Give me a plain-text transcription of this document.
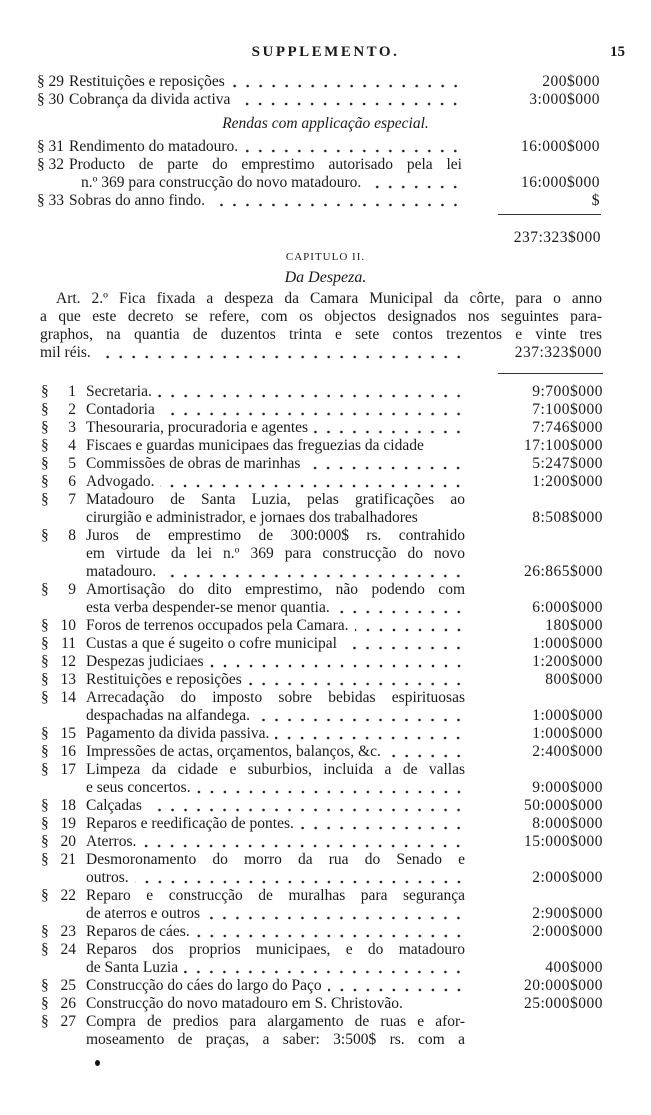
SUPPLEMENTO.	15
§ 29 Restituições e reposições	200$000
§ 30 Cobrança da divida activa	3:000$000
Rendas com applicação especial.
§ 31 Rendimento do matadouro.	16:000$000
§ 32 Producto de parte do emprestimo autorisado pela lei
n.º 369 para construcção do novo matadouro.	16:000$000
§ 33 Sobras do anno findo.	$
237:323$000
CAPITULO II.
Da Despeza.
Art. 2.º Fica fixada a despeza da Camara Municipal da côrte, para o anno
a que este decreto se refere, com os objectos designados nos seguintes para-
graphos, na quantia de duzentos trinta e sete contos trezentos e vinte tres
mil réis.	237:323$000
§	1 Secretaria.	9:700$000
§	2 Contadoria	7:100$000
§	3 Thesouraria, procuradoria e agentes	7:746$000
§	4 Fiscaes e guardas municipaes das freguezias da cidade	17:100$000
§	5 Commissões de obras de marinhas	5:247$000
§	6 Advogado.	1:200$000
§	7 Matadouro de Santa Luzia, pelas gratificações ao
cirurgião e administrador, e jornaes dos trabalhadores	8:508$000
§	8 Juros de emprestimo de 300:000$ rs. contrahido
em virtude da lei n.º 369 para construcção do novo
matadouro.	26:865$000
§	9 Amortisação do dito emprestimo, não podendo com
esta verba despender-se menor quantia.	6:000$000
§ 10 Foros de terrenos occupados pela Camara.	180$000
§ 11 Custas a que é sugeito o cofre municipal	1:000$000
§ 12 Despezas judiciaes	1:200$000
§ 13 Restituições e reposições	800$000
§ 14 Arrecadação do imposto sobre bebidas espirituosas
despachadas na alfandega.	1:000$000
§ 15 Pagamento da divida passiva.	1:000$000
§ 16 Impressões de actas, orçamentos, balanços, &c.	2:400$000
§ 17 Limpeza da cidade e suburbios, incluida a de vallas
e seus concertos.	9:000$000
§ 18 Calçadas	50:000$000
§ 19 Reparos e reedificação de pontes.	8:000$000
§ 20 Aterros.	15:000$000
§ 21 Desmoronamento do morro da rua do Senado e
outros.	2:000$000
§ 22 Reparo e construcção de muralhas para segurança
de aterros e outros	2:900$000
§ 23 Reparos de cáes.	2:000$000
§ 24 Reparos dos proprios municipaes, e do matadouro
de Santa Luzia	400$000
§ 25 Construcção do cáes do largo do Paço	20:000$000
§ 26 Construcção do novo matadouro em S. Christovão.	25:000$000
§ 27 Compra de predios para alargamento de ruas e afor-
moseamento de praças, a saber: 3:500$ rs. com a
